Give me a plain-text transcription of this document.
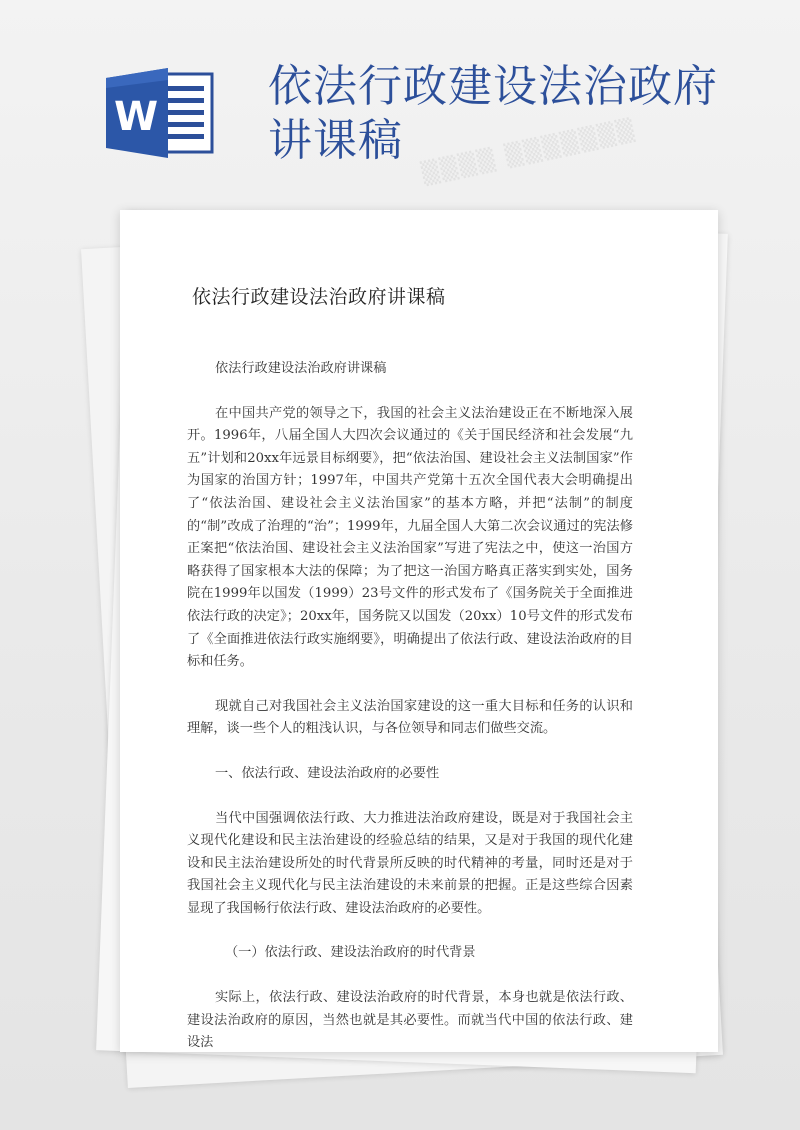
W
依法行政建设法治政府讲课稿
依法行政建设法治政府讲课稿

依法行政建设法治政府讲课稿

在中国共产党的领导之下，我国的社会主义法治建设正在不断地深入展开。1996年，八届全国人大四次会议通过的《关于国民经济和社会发展“九五”计划和20xx年远景目标纲要》，把“依法治国、建设社会主义法制国家”作为国家的治国方针；1997年，中国共产党第十五次全国代表大会明确提出了“依法治国、建设社会主义法治国家”的基本方略，并把“法制”的制度的“制”改成了治理的“治”；1999年，九届全国人大第二次会议通过的宪法修正案把“依法治国、建设社会主义法治国家”写进了宪法之中，使这一治国方略获得了国家根本大法的保障；为了把这一治国方略真正落实到实处，国务院在1999年以国发（1999）23号文件的形式发布了《国务院关于全面推进依法行政的决定》；20xx年，国务院又以国发（20xx）10号文件的形式发布了《全面推进依法行政实施纲要》，明确提出了依法行政、建设法治政府的目标和任务。

现就自己对我国社会主义法治国家建设的这一重大目标和任务的认识和理解，谈一些个人的粗浅认识，与各位领导和同志们做些交流。

一、依法行政、建设法治政府的必要性

当代中国强调依法行政、大力推进法治政府建设，既是对于我国社会主义现代化建设和民主法治建设的经验总结的结果，又是对于我国的现代化建设和民主法治建设所处的时代背景所反映的时代精神的考量，同时还是对于我国社会主义现代化与民主法治建设的未来前景的把握。正是这些综合因素显现了我国畅行依法行政、建设法治政府的必要性。

（一）依法行政、建设法治政府的时代背景

实际上，依法行政、建设法治政府的时代背景，本身也就是依法行政、建设法治政府的原因，当然也就是其必要性。而就当代中国的依法行政、建设法
